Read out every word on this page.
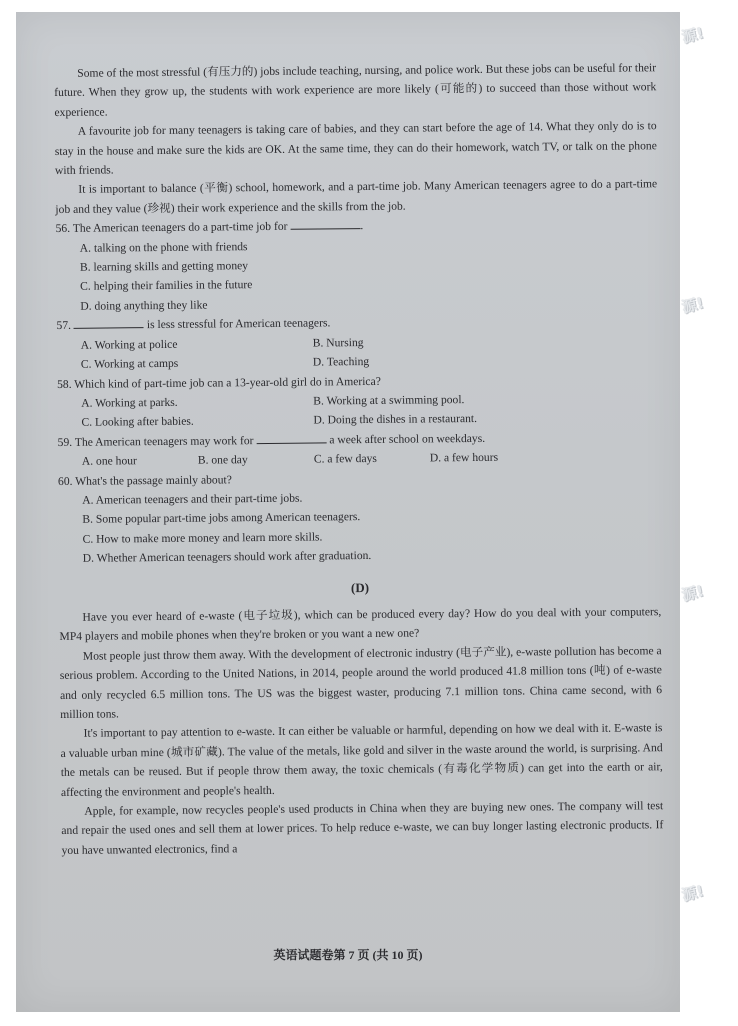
Some of the most stressful (有压力的) jobs include teaching, nursing, and police work. But these jobs can be useful for their future. When they grow up, the students with work experience are more likely (可能的) to succeed than those without work experience.

A favourite job for many teenagers is taking care of babies, and they can start before the age of 14. What they only do is to stay in the house and make sure the kids are OK. At the same time, they can do their homework, watch TV, or talk on the phone with friends.

It is important to balance (平衡) school, homework, and a part-time job. Many American teenagers agree to do a part-time job and they value (珍视) their work experience and the skills from the job.

56. The American teenagers do a part-time job for	.

A. talking on the phone with friends
B. learning skills and getting money
C. helping their families in the future
D. doing anything they like

57.	is less stressful for American teenagers.

A. Working at police	B. Nursing
C. Working at camps	D. Teaching

58. Which kind of part-time job can a 13-year-old girl do in America?

A. Working at parks.	B. Working at a swimming pool.
C. Looking after babies.	D. Doing the dishes in a restaurant.

59. The American teenagers may work for	a week after school on weekdays.

A. one hour	B. one day	C. a few days	D. a few hours

60. What's the passage mainly about?

A. American teenagers and their part-time jobs.
B. Some popular part-time jobs among American teenagers.
C. How to make more money and learn more skills.
D. Whether American teenagers should work after graduation.
(D)

Have you ever heard of e-waste (电子垃圾), which can be produced every day? How do you deal with your computers, MP4 players and mobile phones when they're broken or you want a new one?

Most people just throw them away. With the development of electronic industry (电子产业), e-waste pollution has become a serious problem. According to the United Nations, in 2014, people around the world produced 41.8 million tons (吨) of e-waste and only recycled 6.5 million tons. The US was the biggest waster, producing 7.1 million tons. China came second, with 6 million tons.

It's important to pay attention to e-waste. It can either be valuable or harmful, depending on how we deal with it. E-waste is a valuable urban mine (城市矿藏). The value of the metals, like gold and silver in the waste around the world, is surprising. And the metals can be reused. But if people throw them away, the toxic chemicals (有毒化学物质) can get into the earth or air, affecting the environment and people's health.

Apple, for example, now recycles people's used products in China when they are buying new ones. The company will test and repair the used ones and sell them at lower prices. To help reduce e-waste, we can buy longer lasting electronic products. If you have unwanted electronics, find a

英语试题卷第 7 页 (共 10 页)
源!
源!
源!
源!
